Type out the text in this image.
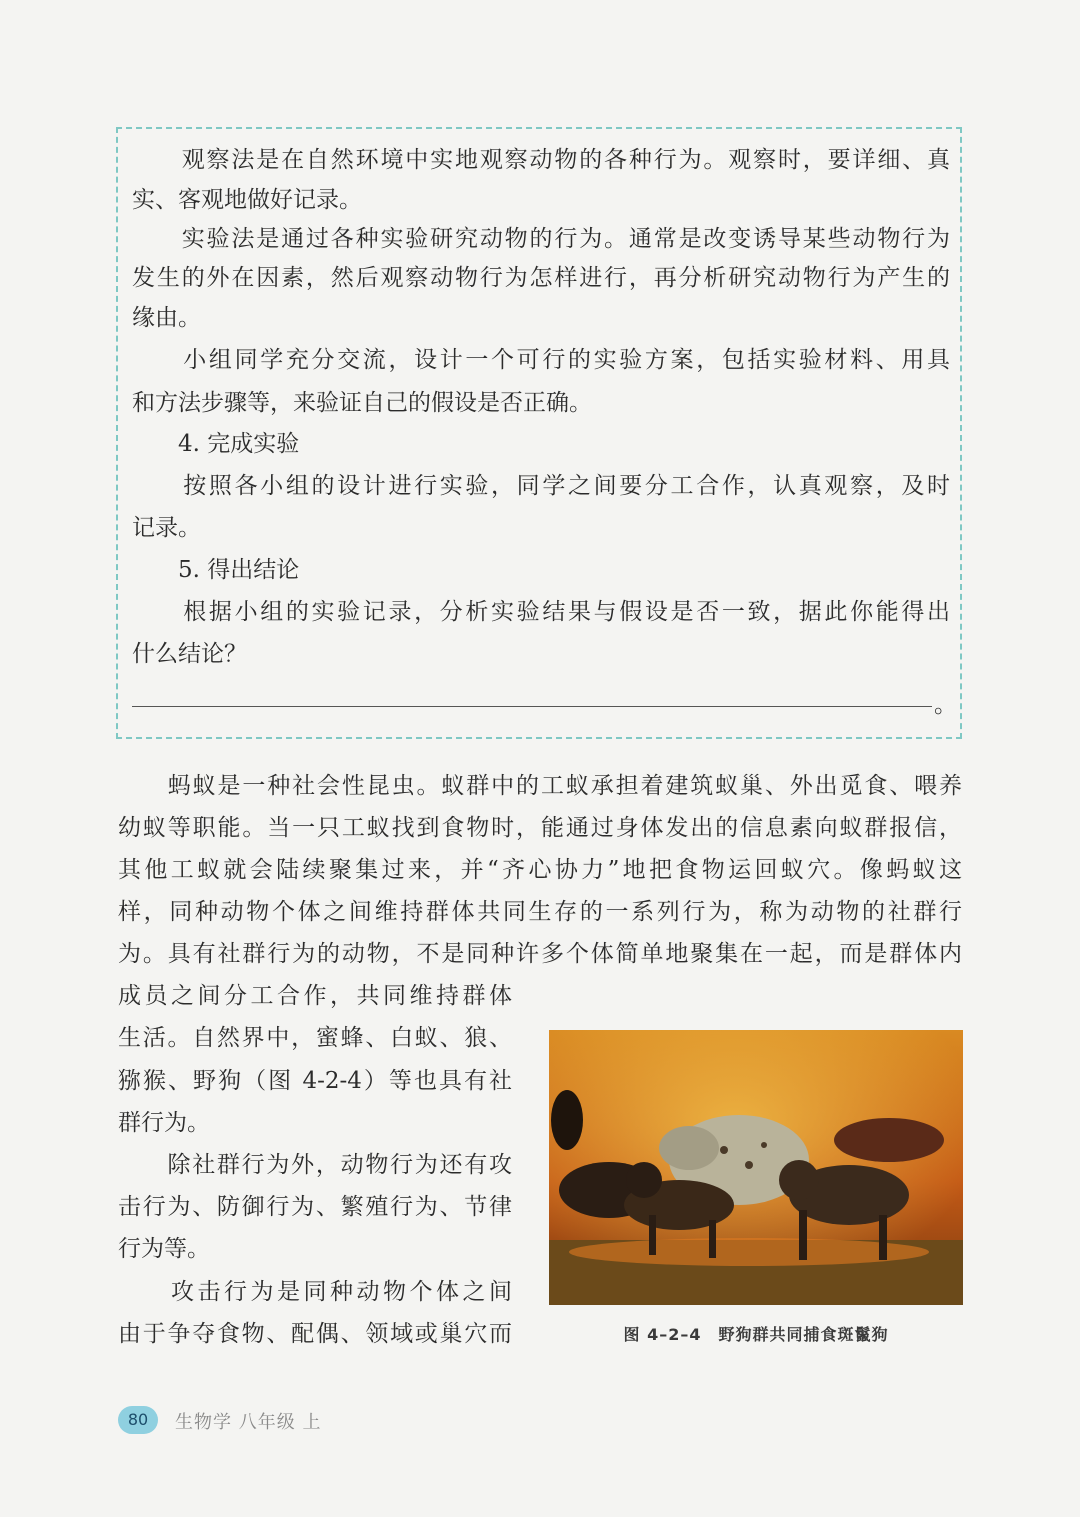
　　观察法是在自然环境中实地观察动物的各种行为。观察时，要详细、真
实、客观地做好记录。
　　实验法是通过各种实验研究动物的行为。通常是改变诱导某些动物行为
发生的外在因素，然后观察动物行为怎样进行，再分析研究动物行为产生的
缘由。
　　小组同学充分交流，设计一个可行的实验方案，包括实验材料、用具
和方法步骤等，来验证自己的假设是否正确。
　　4. 完成实验
　　按照各小组的设计进行实验，同学之间要分工合作，认真观察，及时
记录。
　　5. 得出结论
　　根据小组的实验记录，分析实验结果与假设是否一致，据此你能得出
什么结论？
。
　　蚂蚁是一种社会性昆虫。蚁群中的工蚁承担着建筑蚁巢、外出觅食、喂养
幼蚁等职能。当一只工蚁找到食物时，能通过身体发出的信息素向蚁群报信，
其他工蚁就会陆续聚集过来，并“齐心协力”地把食物运回蚁穴。像蚂蚁这
样，同种动物个体之间维持群体共同生存的一系列行为，称为动物的社群行
为。具有社群行为的动物，不是同种许多个体简单地聚集在一起，而是群体内
成员之间分工合作，共同维持群体
生活。自然界中，蜜蜂、白蚁、狼、
猕猴、野狗（图 4-2-4）等也具有社
群行为。
　　除社群行为外，动物行为还有攻
击行为、防御行为、繁殖行为、节律
行为等。
　　攻击行为是同种动物个体之间
由于争夺食物、配偶、领域或巢穴而	图 4–2–4　野狗群共同捕食斑鬣狗
80	生物学 八年级 上
